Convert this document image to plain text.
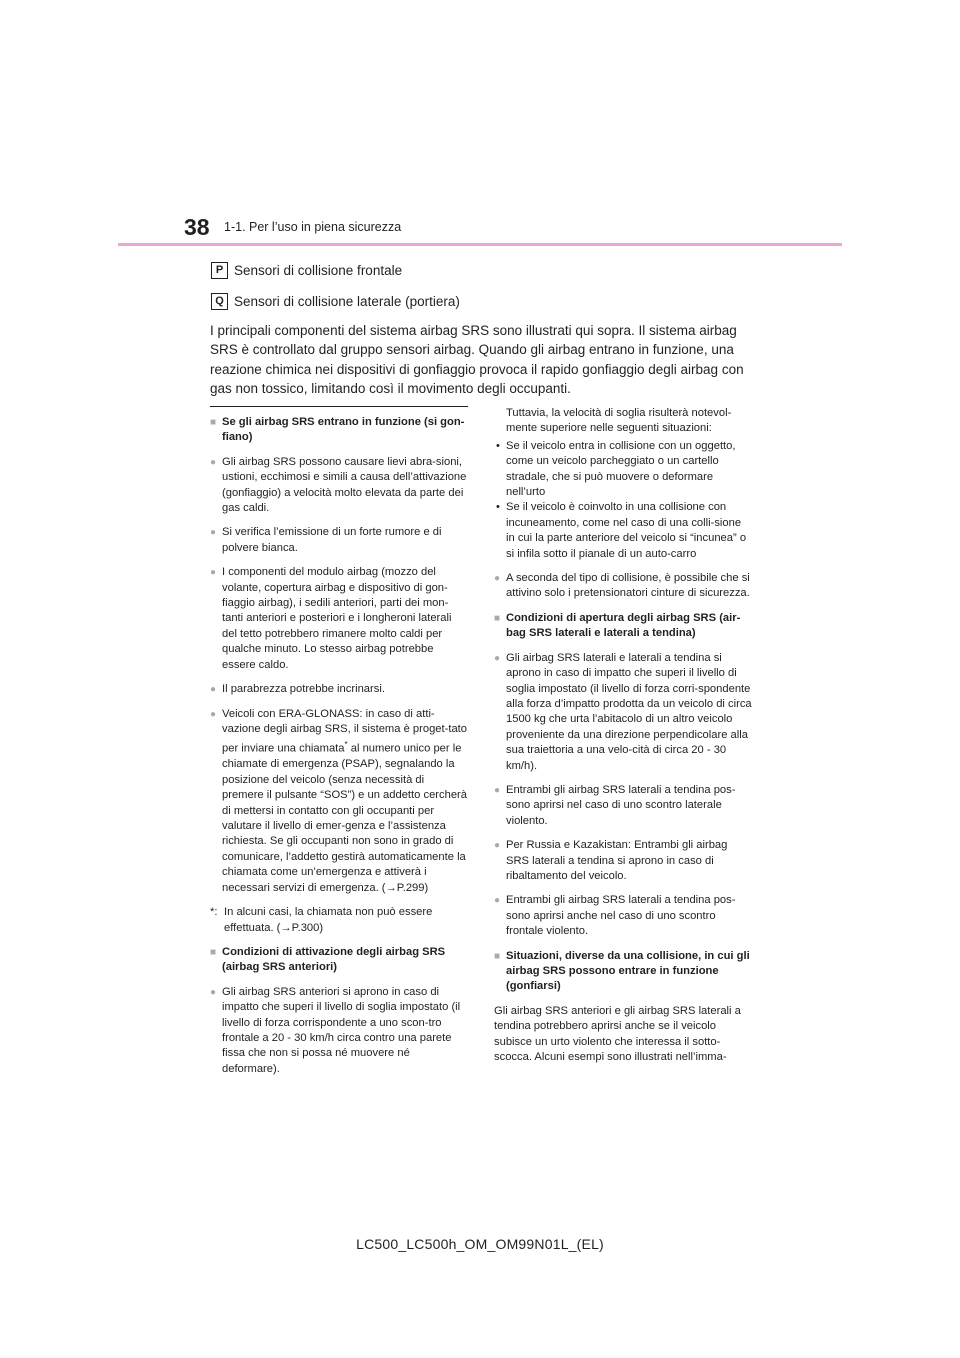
38 1-1. Per l’uso in piena sicurezza
P Sensori di collisione frontale
Q Sensori di collisione laterale (portiera)

I principali componenti del sistema airbag SRS sono illustrati qui sopra. Il sistema airbag SRS è controllato dal gruppo sensori airbag. Quando gli airbag entrano in funzione, una reazione chimica nei dispositivi di gonfiaggio provoca il rapido gonfiaggio degli airbag con gas non tossico, limitando così il movimento degli occupanti.

■ Se gli airbag SRS entrano in funzione (si gon-fiano)

● Gli airbag SRS possono causare lievi abra-sioni, ustioni, ecchimosi e simili a causa dell’attivazione (gonfiaggio) a velocità molto elevata da parte dei gas caldi.

● Si verifica l’emissione di un forte rumore e di polvere bianca.

● I componenti del modulo airbag (mozzo del volante, copertura airbag e dispositivo di gon-fiaggio airbag), i sedili anteriori, parti dei mon-tanti anteriori e posteriori e i longheroni laterali del tetto potrebbero rimanere molto caldi per qualche minuto. Lo stesso airbag potrebbe essere caldo.

● Il parabrezza potrebbe incrinarsi.

● Veicoli con ERA-GLONASS: in caso di atti-vazione degli airbag SRS, il sistema è proget-tato per inviare una chiamata* al numero unico per le chiamate di emergenza (PSAP), segnalando la posizione del veicolo (senza necessità di premere il pulsante “SOS”) e un addetto cercherà di mettersi in contatto con gli occupanti per valutare il livello di emer-genza e l’assistenza richiesta. Se gli occupanti non sono in grado di comunicare, l’addetto gestirà automaticamente la chiamata come un’emergenza e attiverà i necessari servizi di emergenza. (→P.299)

*: In alcuni casi, la chiamata non può essere effettuata. (→P.300)

■ Condizioni di attivazione degli airbag SRS (airbag SRS anteriori)

● Gli airbag SRS anteriori si aprono in caso di impatto che superi il livello di soglia impostato (il livello di forza corrispondente a uno scon-tro frontale a 20 - 30 km/h circa contro una parete fissa che non si possa né muovere né deformare).

Tuttavia, la velocità di soglia risulterà notevol-mente superiore nelle seguenti situazioni:

• Se il veicolo entra in collisione con un oggetto, come un veicolo parcheggiato o un cartello stradale, che si può muovere o deformare nell’urto

• Se il veicolo è coinvolto in una collisione con incuneamento, come nel caso di una colli-sione in cui la parte anteriore del veicolo si “incunea” o si infila sotto il pianale di un auto-carro

● A seconda del tipo di collisione, è possibile che si attivino solo i pretensionatori cinture di sicurezza.

■ Condizioni di apertura degli airbag SRS (air-bag SRS laterali e laterali a tendina)

● Gli airbag SRS laterali e laterali a tendina si aprono in caso di impatto che superi il livello di soglia impostato (il livello di forza corri-spondente alla forza d’impatto prodotta da un veicolo di circa 1500 kg che urta l’abitacolo di un altro veicolo proveniente da una direzione perpendicolare alla sua traiettoria a una velo-cità di circa 20 - 30 km/h).

● Entrambi gli airbag SRS laterali a tendina pos-sono aprirsi nel caso di uno scontro laterale violento.

● Per Russia e Kazakistan: Entrambi gli airbag SRS laterali a tendina si aprono in caso di ribaltamento del veicolo.

● Entrambi gli airbag SRS laterali a tendina pos-sono aprirsi anche nel caso di uno scontro frontale violento.

■ Situazioni, diverse da una collisione, in cui gli airbag SRS possono entrare in funzione (gonfiarsi)

Gli airbag SRS anteriori e gli airbag SRS laterali a tendina potrebbero aprirsi anche se il veicolo subisce un urto violento che interessa il sotto-scocca. Alcuni esempi sono illustrati nell’imma-

LC500_LC500h_OM_OM99N01L_(EL)
